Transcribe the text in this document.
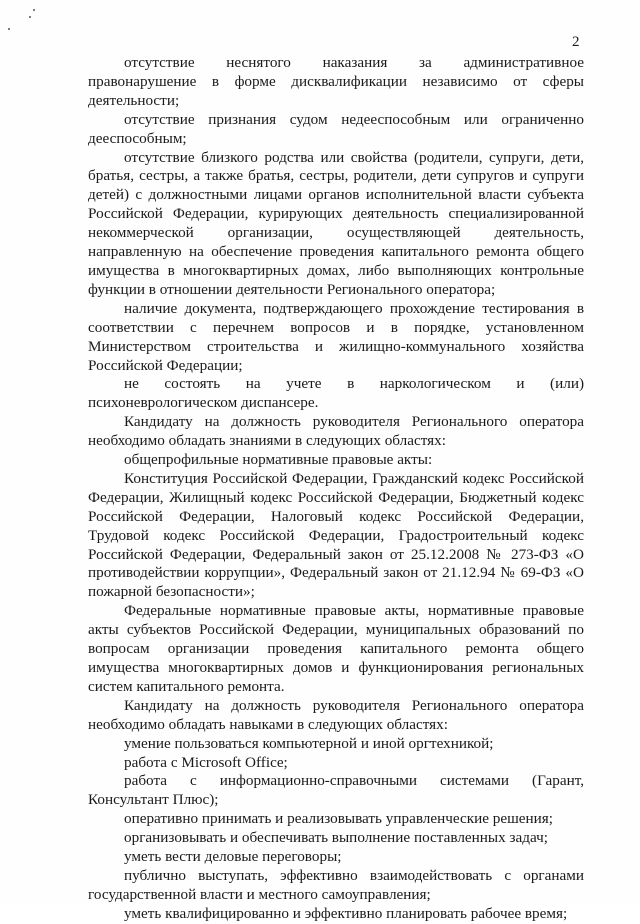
2

отсутствие неснятого наказания за административное правонарушение в форме дисквалификации независимо от сферы деятельности;

отсутствие признания судом недееспособным или ограниченно дееспособным;

отсутствие близкого родства или свойства (родители, супруги, дети, братья, сестры, а также братья, сестры, родители, дети супругов и супруги детей) с должностными лицами органов исполнительной власти субъекта Российской Федерации, курирующих деятельность специализированной некоммерческой организации, осуществляющей деятельность, направленную на обеспечение проведения капитального ремонта общего имущества в многоквартирных домах, либо выполняющих контрольные функции в отношении деятельности Регионального оператора;

наличие документа, подтверждающего прохождение тестирования в соответствии с перечнем вопросов и в порядке, установленном Министерством строительства и жилищно-коммунального хозяйства Российской Федерации;

не состоять на учете в наркологическом и (или) психоневрологическом диспансере.

Кандидату на должность руководителя Регионального оператора необходимо обладать знаниями в следующих областях:

общепрофильные нормативные правовые акты:

Конституция Российской Федерации, Гражданский кодекс Российской Федерации, Жилищный кодекс Российской Федерации, Бюджетный кодекс Российской Федерации, Налоговый кодекс Российской Федерации, Трудовой кодекс Российской Федерации, Градостроительный кодекс Российской Федерации, Федеральный закон от 25.12.2008 № 273-ФЗ «О противодействии коррупции», Федеральный закон от 21.12.94 № 69-ФЗ «О пожарной безопасности»;

Федеральные нормативные правовые акты, нормативные правовые акты субъектов Российской Федерации, муниципальных образований по вопросам организации проведения капитального ремонта общего имущества многоквартирных домов и функционирования региональных систем капитального ремонта.

Кандидату на должность руководителя Регионального оператора необходимо обладать навыками в следующих областях:

умение пользоваться компьютерной и иной оргтехникой;

работа с Microsoft Office;

работа с информационно-справочными системами (Гарант, Консультант Плюс);

оперативно принимать и реализовывать управленческие решения;

организовывать и обеспечивать выполнение поставленных задач;

уметь вести деловые переговоры;

публично выступать, эффективно взаимодействовать с органами государственной власти и местного самоуправления;

уметь квалифицированно и эффективно планировать рабочее время;
